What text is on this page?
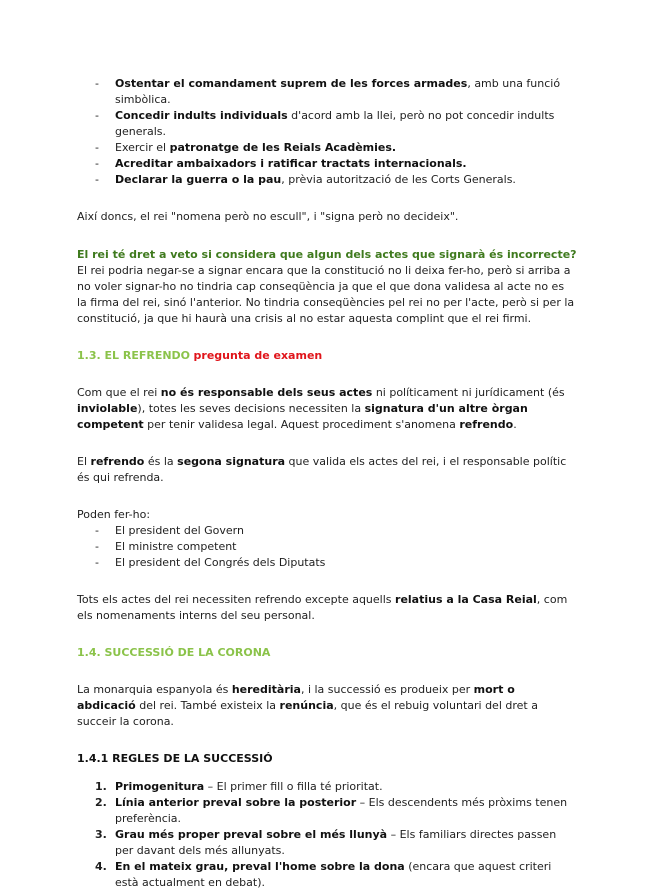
- Ostentar el comandament suprem de les forces armades, amb una funció simbòlica.
- Concedir indults individuals d'acord amb la llei, però no pot concedir indults generals.
- Exercir el patronatge de les Reials Acadèmies.
- Acreditar ambaixadors i ratificar tractats internacionals.
- Declarar la guerra o la pau, prèvia autorització de les Corts Generals.

Així doncs, el rei "nomena però no escull", i "signa però no decideix".

El rei té dret a veto si considera que algun dels actes que signarà és incorrecte?

El rei podria negar-se a signar encara que la constitució no li deixa fer-ho, però si arriba a no voler signar-ho no tindria cap conseqüència ja que el que dona validesa al acte no es la firma del rei, sinó l'anterior. No tindria conseqüències pel rei no per l'acte, però si per la constitució, ja que hi haurà una crisis al no estar aquesta complint que el rei firmi.

1.3. EL REFRENDO pregunta de examen

Com que el rei no és responsable dels seus actes ni políticament ni jurídicament (és inviolable), totes les seves decisions necessiten la signatura d'un altre òrgan competent per tenir validesa legal. Aquest procediment s'anomena refrendo.

El refrendo és la segona signatura que valida els actes del rei, i el responsable polític és qui refrenda.

Poden fer-ho:

- El president del Govern
- El ministre competent
- El president del Congrés dels Diputats

Tots els actes del rei necessiten refrendo excepte aquells relatius a la Casa Reial, com els nomenaments interns del seu personal.

1.4. SUCCESSIÓ DE LA CORONA

La monarquia espanyola és hereditària, i la successió es produeix per mort o abdicació del rei. També existeix la renúncia, que és el rebuig voluntari del dret a succeir la corona.

1.4.1 REGLES DE LA SUCCESSIÓ

1. Primogenitura – El primer fill o filla té prioritat.
2. Línia anterior preval sobre la posterior – Els descendents més pròxims tenen preferència.
3. Grau més proper preval sobre el més llunyà – Els familiars directes passen per davant dels més allunyats.
4. En el mateix grau, preval l'home sobre la dona (encara que aquest criteri està actualment en debat).
